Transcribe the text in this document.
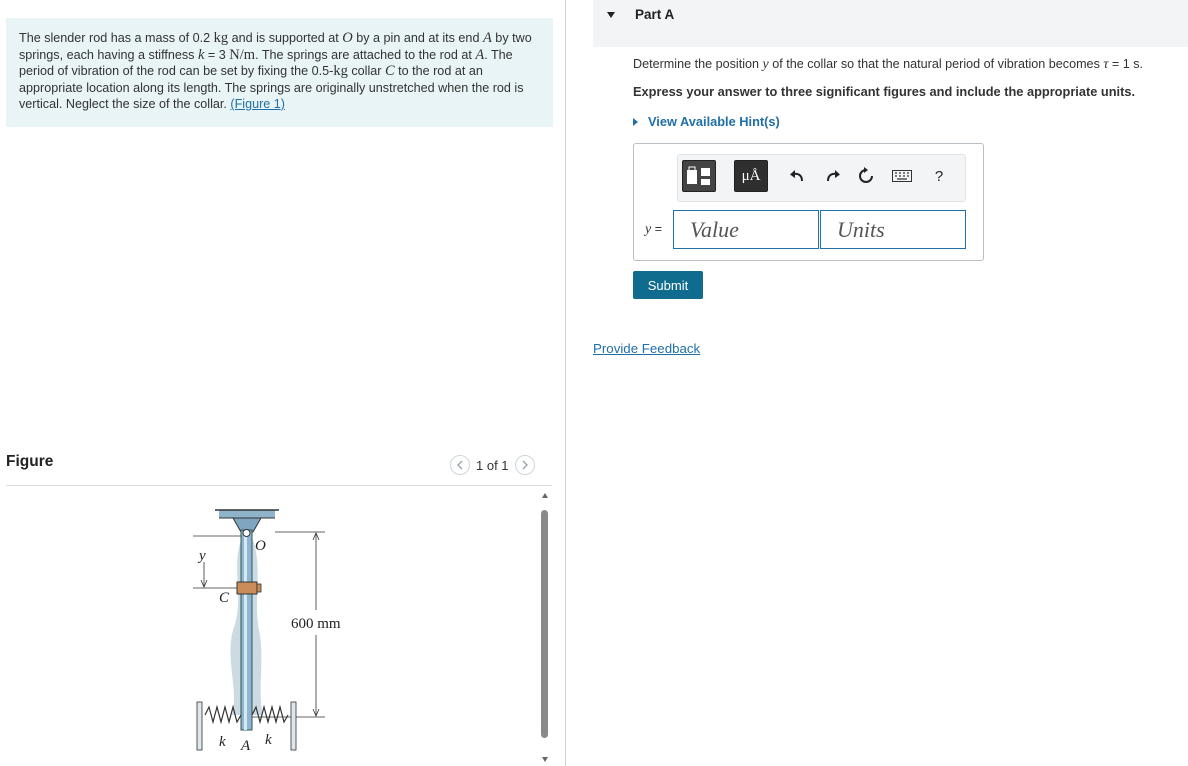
The slender rod has a mass of 0.2 kg and is supported at O by a pin and at its end A by two springs, each having a stiffness k = 3 N/m. The springs are attached to the rod at A. The period of vibration of the rod can be set by fixing the 0.5-kg collar C to the rod at an appropriate location along its length. The springs are originally unstretched when the rod is vertical. Neglect the size of the collar. (Figure 1)
Figure	1 of 1
O
y
C
600 mm
k A k
Part A
Determine the position y of the collar so that the natural period of vibration becomes τ = 1 s.
Express your answer to three significant figures and include the appropriate units.
View Available Hint(s)
μÅ	?
y =
Value
Units
Submit
Provide Feedback
